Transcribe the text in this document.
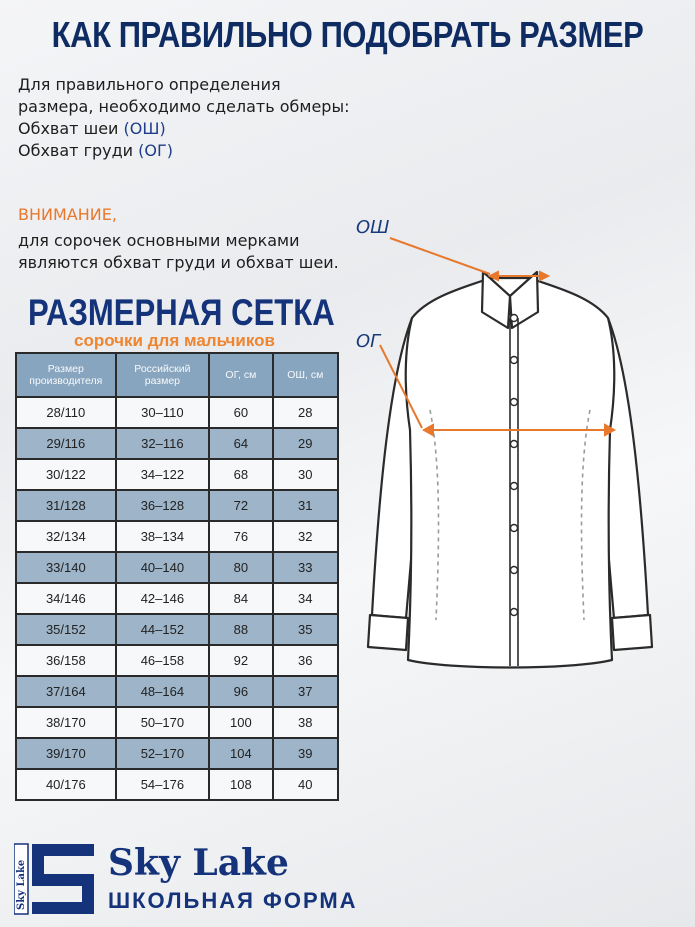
КАК ПРАВИЛЬНО ПОДОБРАТЬ РАЗМЕР
Для правильного определения
размера, необходимо сделать обмеры:
Обхват шеи (ОШ)
Обхват груди (ОГ)
ВНИМАНИЕ,
для сорочек основными мерками являются обхват груди и обхват шеи.
РАЗМЕРНАЯ СЕТКА
сорочки для мальчиков
Размер производителя	Российский размер	ОГ, см	ОШ, см
28/110	30–110	60	28
29/116	32–116	64	29
30/122	34–122	68	30
31/128	36–128	72	31
32/134	38–134	76	32
33/140	40–140	80	33
34/146	42–146	84	34
35/152	44–152	88	35
36/158	46–158	92	36
37/164	48–164	96	37
38/170	50–170	100	38
39/170	52–170	104	39
40/176	54–176	108	40
ОШ
ОГ
Sky Lake Sky Lake
ШКОЛЬНАЯ ФОРМА
